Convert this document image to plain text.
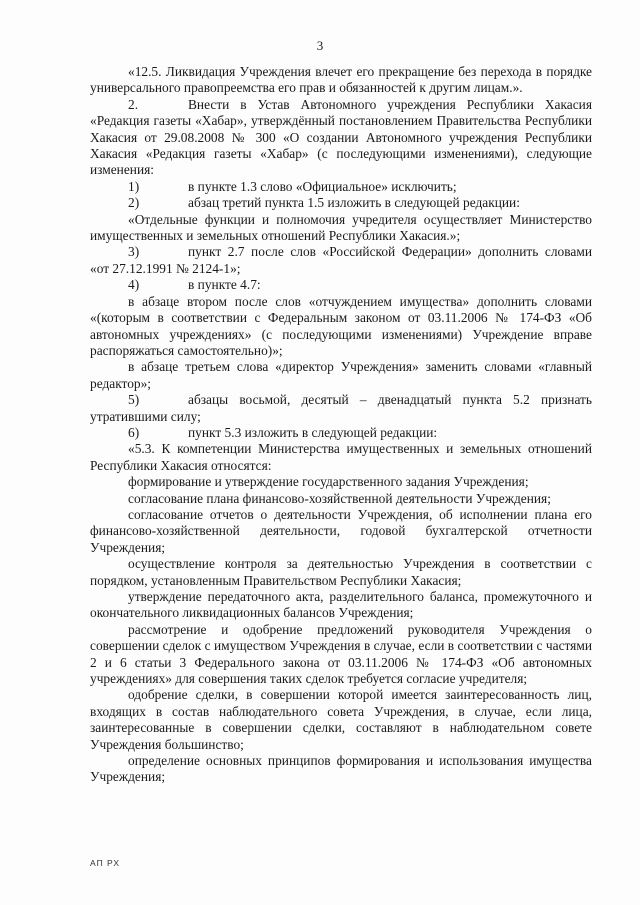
3

«12.5. Ликвидация Учреждения влечет его прекращение без перехода в порядке универсального правопреемства его прав и обязанностей к другим лицам.».

2.	Внести в Устав Автономного учреждения Республики Хакасия «Редакция газеты «Хабар», утверждённый постановлением Правительства Республики Хакасия от 29.08.2008 № 300 «О создании Автономного учреждения Республики Хакасия «Редакция газеты «Хабар» (с последующими изменениями), следующие изменения:

1)	в пункте 1.3 слово «Официальное» исключить;

2)	абзац третий пункта 1.5 изложить в следующей редакции:

«Отдельные функции и полномочия учредителя осуществляет Министерство имущественных и земельных отношений Республики Хакасия.»;

3)	пункт 2.7 после слов «Российской Федерации» дополнить словами «от 27.12.1991 № 2124-1»;

4)	в пункте 4.7:

в абзаце втором после слов «отчуждением имущества» дополнить словами «(которым в соответствии с Федеральным законом от 03.11.2006 № 174-ФЗ «Об автономных учреждениях» (с последующими изменениями) Учреждение вправе распоряжаться самостоятельно)»;

в абзаце третьем слова «директор Учреждения» заменить словами «главный редактор»;

5)	абзацы восьмой, десятый – двенадцатый пункта 5.2 признать утратившими силу;

6)	пункт 5.3 изложить в следующей редакции:

«5.3. К компетенции Министерства имущественных и земельных отношений Республики Хакасия относятся:

формирование и утверждение государственного задания Учреждения;

согласование плана финансово-хозяйственной деятельности Учреждения;

согласование отчетов о деятельности Учреждения, об исполнении плана его финансово-хозяйственной деятельности, годовой бухгалтерской отчетности Учреждения;

осуществление контроля за деятельностью Учреждения в соответствии с порядком, установленным Правительством Республики Хакасия;

утверждение передаточного акта, разделительного баланса, промежуточного и окончательного ликвидационных балансов Учреждения;

рассмотрение и одобрение предложений руководителя Учреждения о совершении сделок с имуществом Учреждения в случае, если в соответствии с частями 2 и 6 статьи 3 Федерального закона от 03.11.2006 № 174-ФЗ «Об автономных учреждениях» для совершения таких сделок требуется согласие учредителя;

одобрение сделки, в совершении которой имеется заинтересованность лиц, входящих в состав наблюдательного совета Учреждения, в случае, если лица, заинтересованные в совершении сделки, составляют в наблюдательном совете Учреждения большинство;

определение основных принципов формирования и использования имущества Учреждения;

АП РХ
